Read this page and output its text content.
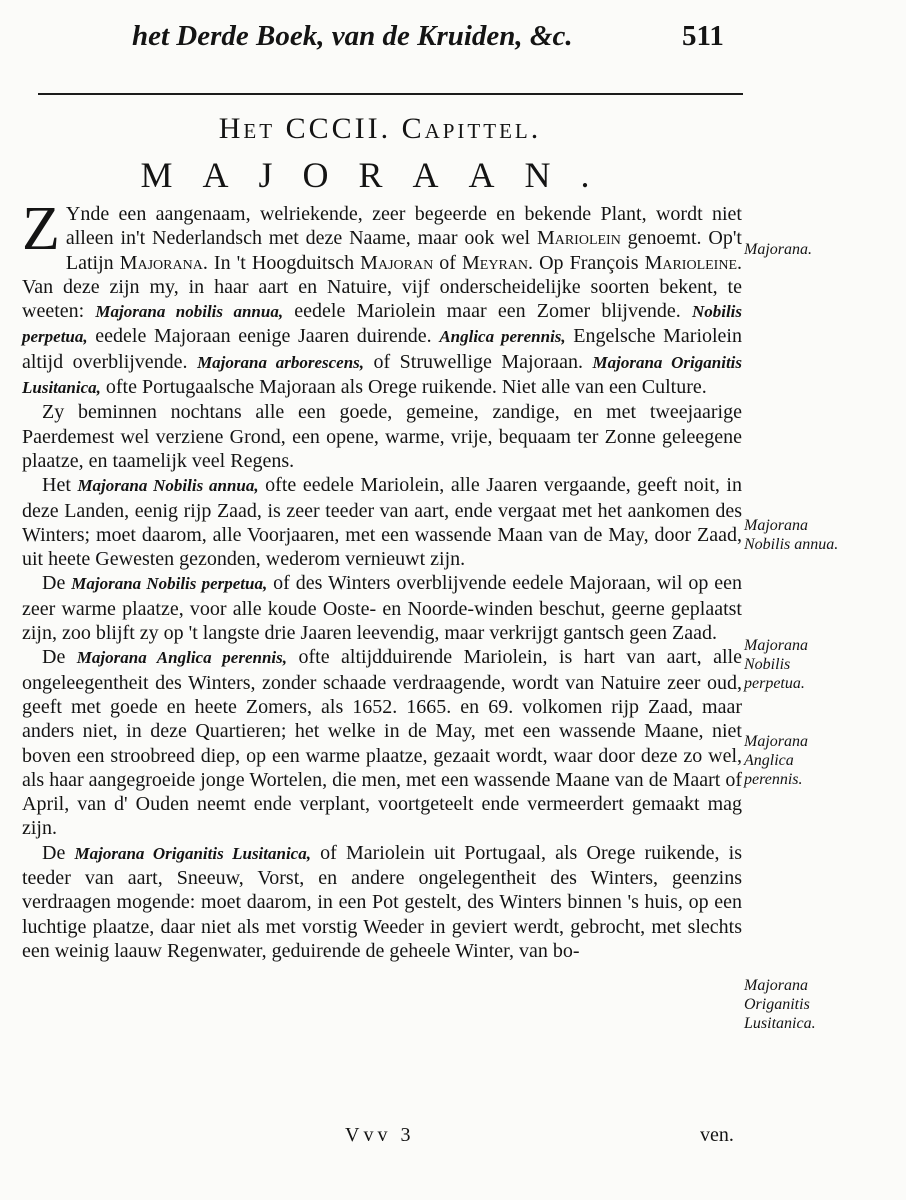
het Derde Boek, van de Kruiden, &c.	511
Het CCCII. Capittel.
MAJORAAN.

Z Ynde een aangenaam, welriekende, zeer begeerde en bekende Plant, wordt niet alleen in't Nederlandsch met deze Naame, maar ook wel Mariolein genoemt. Op't Latijn Majorana. In 't Hoogduitsch Majoran of Meyran. Op François Marioleine. Van deze zijn my, in haar aart en Natuire, vijf onderscheidelijke soorten bekent, te weeten: Majorana nobilis annua, eedele Mariolein maar een Zomer blijvende. Nobilis perpetua, eedele Majoraan eenige Jaaren duirende. Anglica perennis, Engelsche Mariolein altijd overblijvende. Majorana arborescens, of Struwellige Majoraan. Majorana Origanitis Lusitanica, ofte Portugaalsche Majoraan als Orege ruikende. Niet alle van een Culture.

Zy beminnen nochtans alle een goede, gemeine, zandige, en met tweejaarige Paerdemest wel verziene Grond, een opene, warme, vrije, bequaam ter Zonne geleegene plaatze, en taamelijk veel Regens.

Het Majorana Nobilis annua, ofte eedele Mariolein, alle Jaaren vergaande, geeft noit, in deze Landen, eenig rijp Zaad, is zeer teeder van aart, ende vergaat met het aankomen des Winters; moet daarom, alle Voorjaaren, met een wassende Maan van de May, door Zaad, uit heete Gewesten gezonden, wederom vernieuwt zijn.

De Majorana Nobilis perpetua, of des Winters overblijvende eedele Majoraan, wil op een zeer warme plaatze, voor alle koude Ooste- en Noorde-winden beschut, geerne geplaatst zijn, zoo blijft zy op 't langste drie Jaaren leevendig, maar verkrijgt gantsch geen Zaad.

De Majorana Anglica perennis, ofte altijdduirende Mariolein, is hart van aart, alle ongeleegentheit des Winters, zonder schaade verdraagende, wordt van Natuire zeer oud, geeft met goede en heete Zomers, als 1652. 1665. en 69. volkomen rijp Zaad, maar anders niet, in deze Quartieren; het welke in de May, met een wassende Maane, niet boven een stroobreed diep, op een warme plaatze, gezaait wordt, waar door deze zo wel, als haar aangegroeide jonge Wortelen, die men, met een wassende Maane van de Maart of April, van d' Ouden neemt ende verplant, voortgeteelt ende vermeerdert gemaakt mag zijn.

De Majorana Origanitis Lusitanica, of Mariolein uit Portugaal, als Orege ruikende, is teeder van aart, Sneeuw, Vorst, en andere ongelegentheit des Winters, geenzins verdraagen mogende: moet daarom, in een Pot gestelt, des Winters binnen 's huis, op een luchtige plaatze, daar niet als met vorstig Weeder in geviert werdt, gebrocht, met slechts een weinig laauw Regenwater, geduirende de geheele Winter, van bo-

Majorana.
Majorana Nobilis annua.
Majorana Nobilis perpetua.
Majorana Anglica perennis.
Majorana Origanitis Lusitanica.
Vvv 3	ven.
